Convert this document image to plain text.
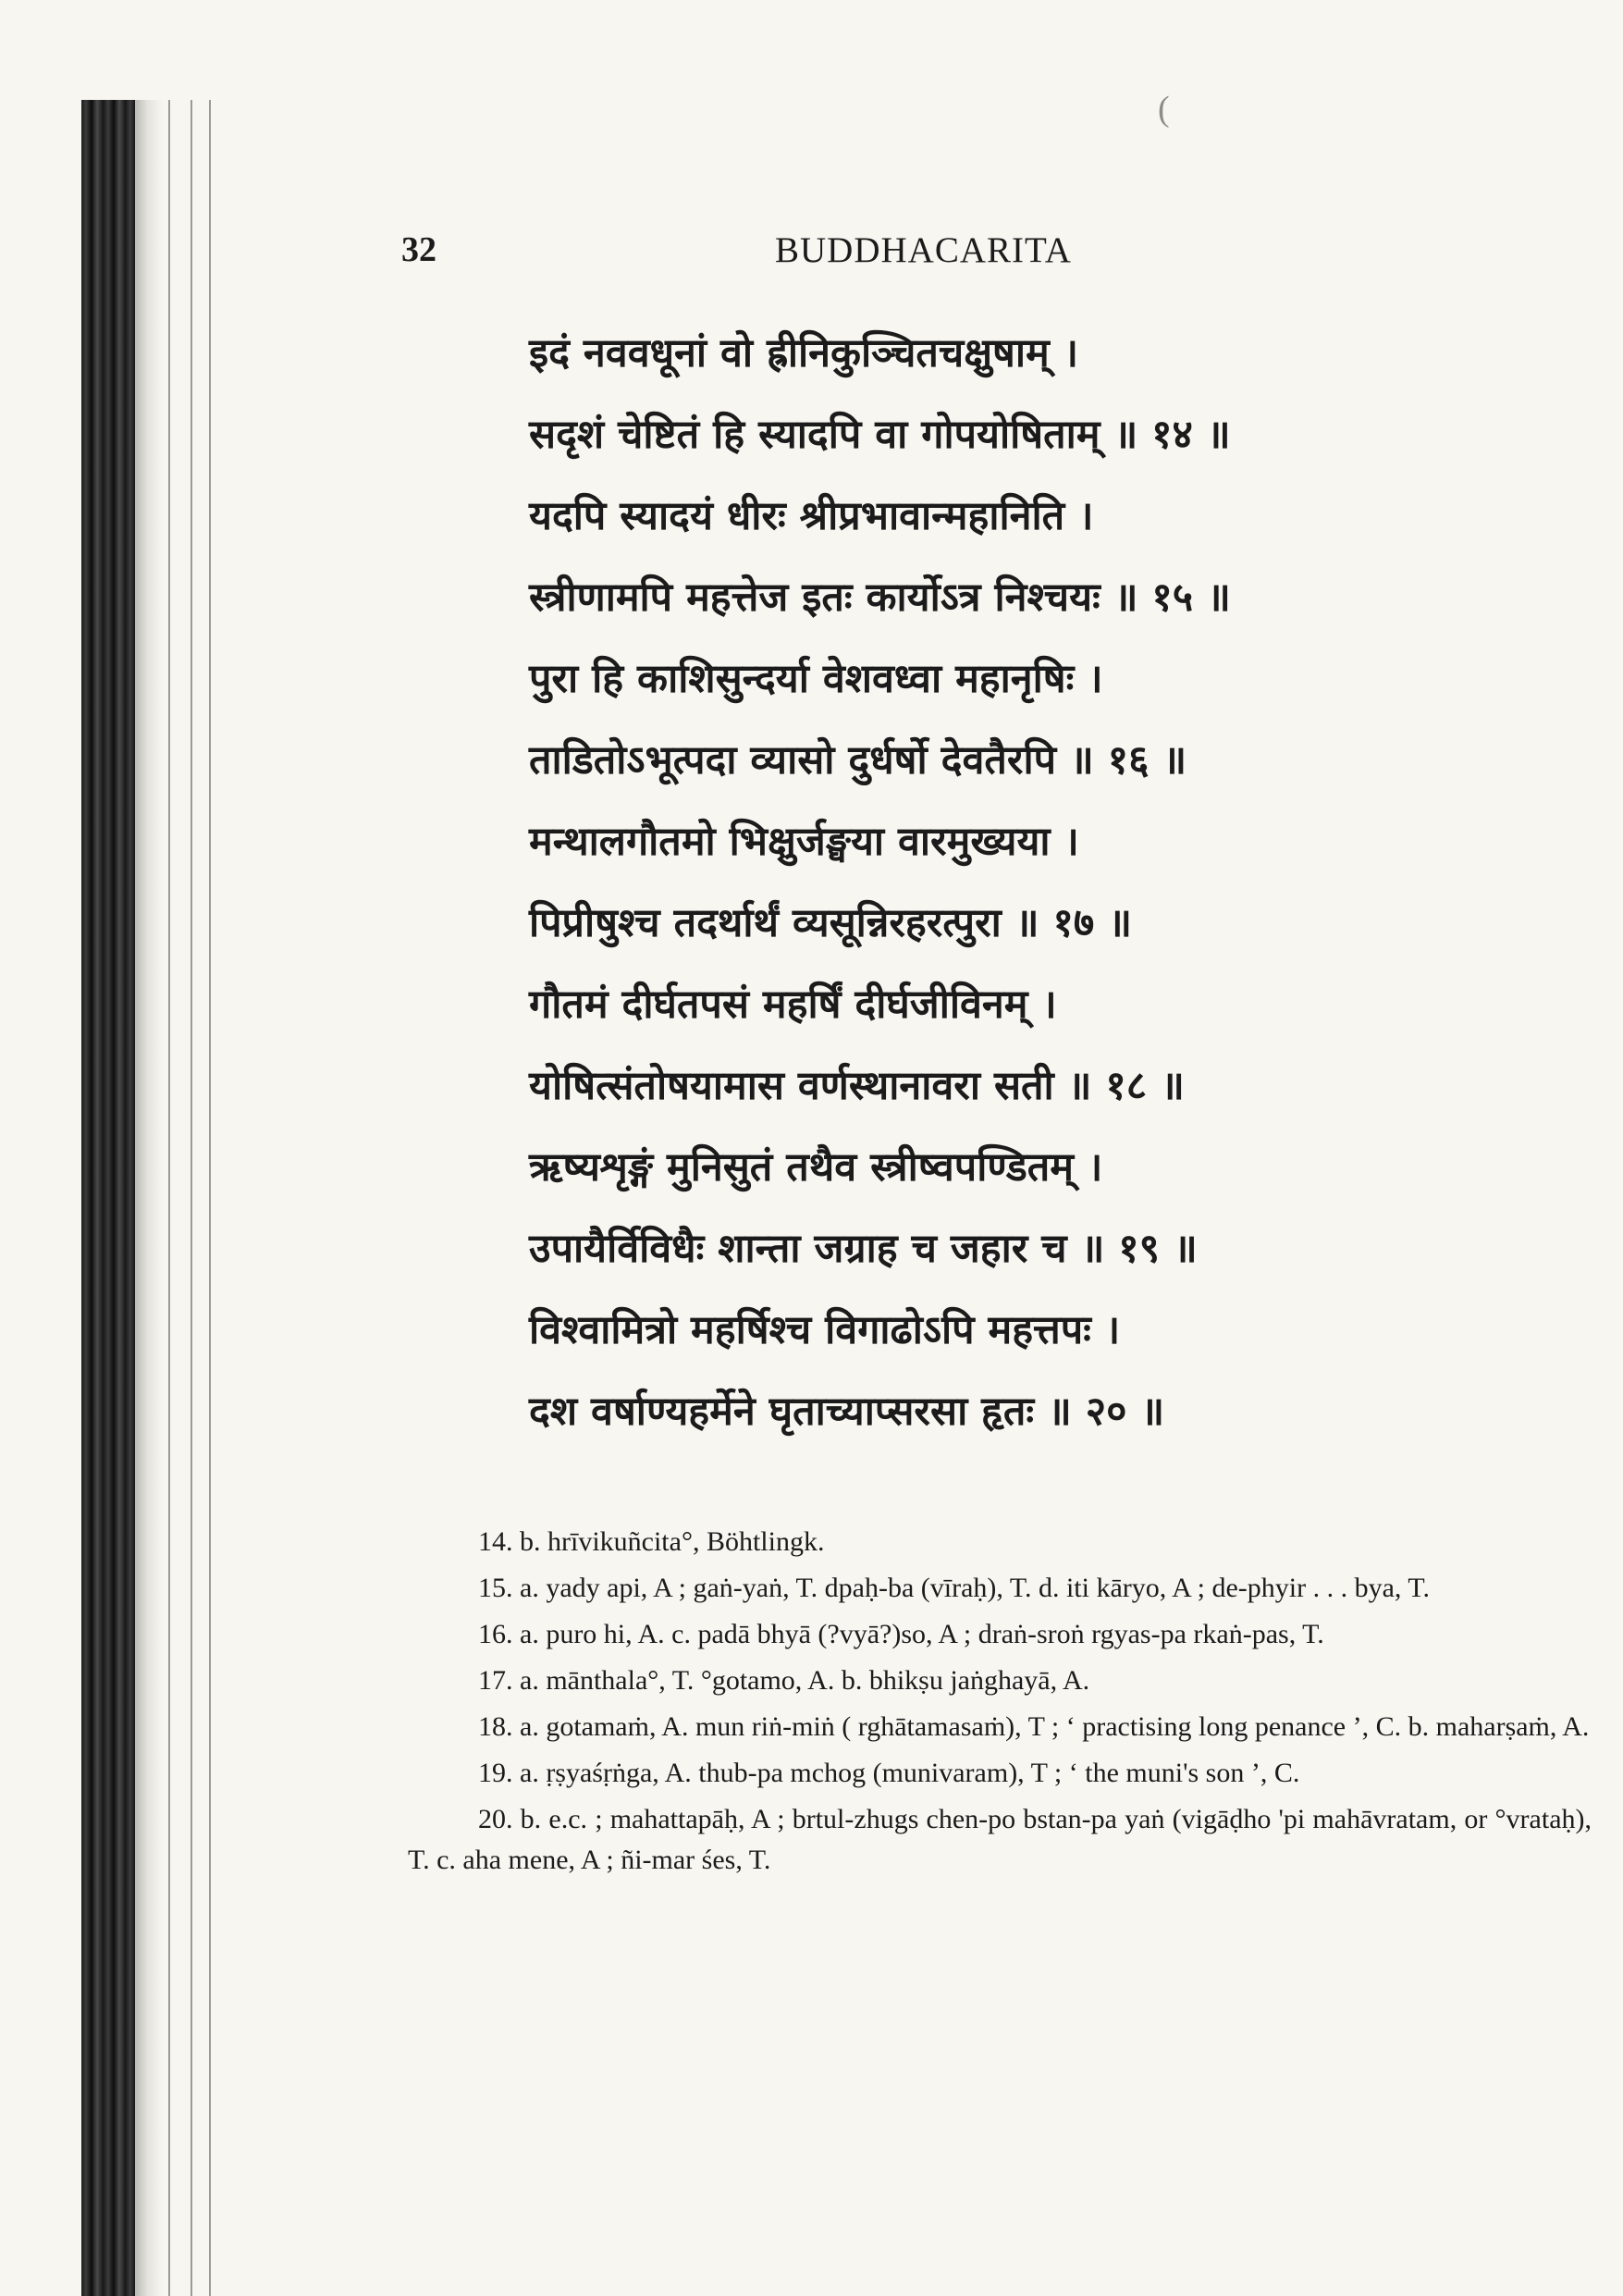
(
32	BUDDHACARITA
इदं नववधूनां वो ह्रीनिकुञ्चितचक्षुषाम् ।
सदृशं चेष्टितं हि स्यादपि वा गोपयोषिताम् ॥ १४ ॥
यदपि स्यादयं धीरः श्रीप्रभावान्महानिति ।
स्त्रीणामपि महत्तेज इतः कार्योऽत्र निश्चयः ॥ १५ ॥
पुरा हि काशिसुन्दर्या वेशवध्वा महानृषिः ।
ताडितोऽभूत्पदा व्यासो दुर्धर्षो देवतैरपि ॥ १६ ॥
मन्थालगौतमो भिक्षुर्जङ्घया वारमुख्यया ।
पिप्रीषुश्च तदर्थार्थं व्यसून्निरहरत्पुरा ॥ १७ ॥
गौतमं दीर्घतपसं महर्षिं दीर्घजीविनम् ।
योषित्संतोषयामास वर्णस्थानावरा सती ॥ १८ ॥
ऋष्यशृङ्गं मुनिसुतं तथैव स्त्रीष्वपण्डितम् ।
उपायैर्विविधैः शान्ता जग्राह च जहार च ॥ १९ ॥
विश्वामित्रो महर्षिश्च विगाढोऽपि महत्तपः ।
दश वर्षाण्यहर्मेने घृताच्याप्सरसा हृतः ॥ २० ॥

14. b. hrīvikuñcita°, Böhtlingk.

15. a. yady api, A ; gaṅ-yaṅ, T. dpaḥ-ba (vīraḥ), T. d. iti kāryo, A ; de-phyir . . . bya, T.

16. a. puro hi, A. c. padā bhyā (?vyā?)so, A ; draṅ-sroṅ rgyas-pa rkaṅ-pas, T.

17. a. mānthala°, T. °gotamo, A. b. bhikṣu jaṅghayā, A.

18. a. gotamaṁ, A. mun riṅ-miṅ ( rghātamasaṁ), T ; ‘ practising long penance ’, C. b. maharṣaṁ, A.

19. a. ṛṣyaśṛṅga, A. thub-pa mchog (munivaram), T ; ‘ the muni's son ’, C.

20. b. e.c. ; mahattapāḥ, A ; brtul-zhugs chen-po bstan-pa yaṅ (vigāḍho 'pi mahāvratam, or °vrataḥ), T. c. aha mene, A ; ñi-mar śes, T.
